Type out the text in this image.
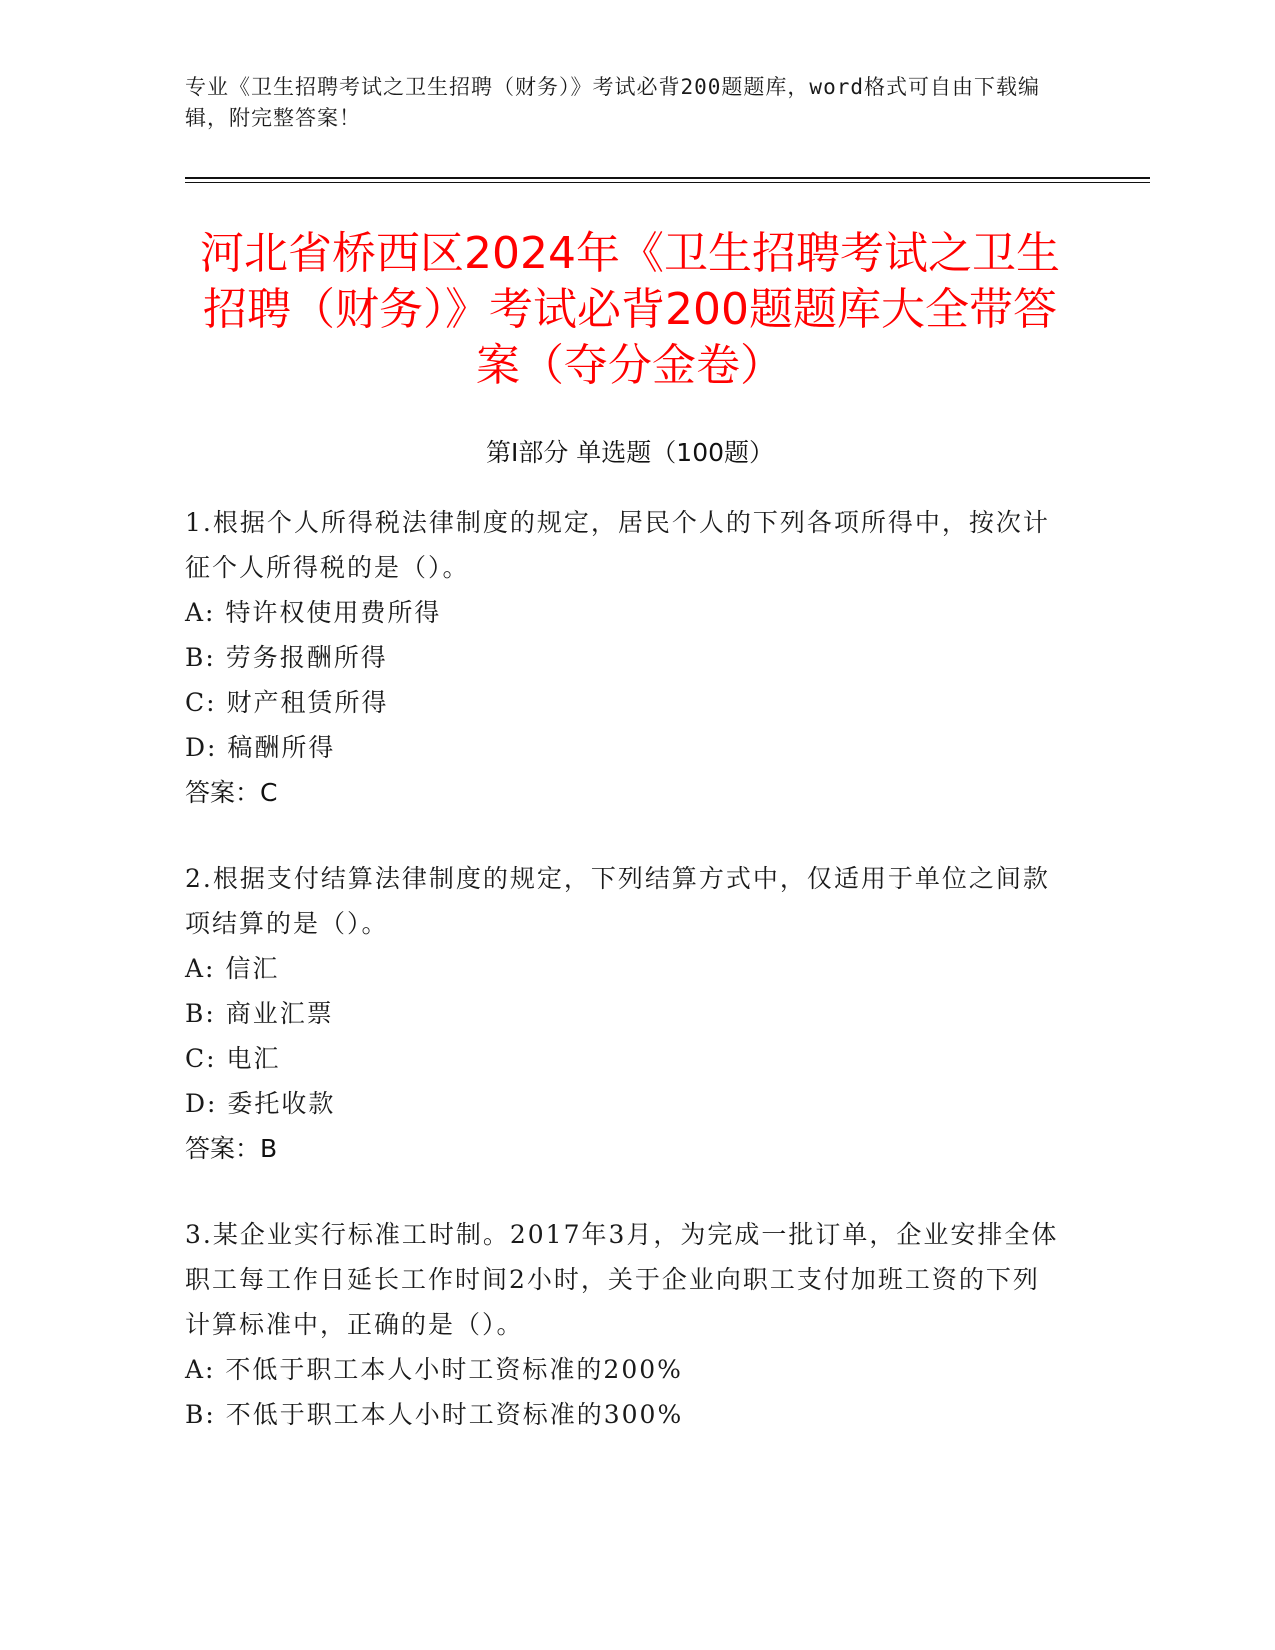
专业《卫生招聘考试之卫生招聘（财务）》考试必背200题题库，word格式可自由下载编辑，附完整答案！
河北省桥西区2024年《卫生招聘考试之卫生招聘（财务）》考试必背200题题库大全带答案（夺分金卷）
第Ⅰ部分 单选题（100题）
1.根据个人所得税法律制度的规定，居民个人的下列各项所得中，按次计征个人所得税的是（）。
A: 特许权使用费所得
B: 劳务报酬所得
C: 财产租赁所得
D: 稿酬所得
答案：C
2.根据支付结算法律制度的规定，下列结算方式中，仅适用于单位之间款项结算的是（）。
A: 信汇
B: 商业汇票
C: 电汇
D: 委托收款
答案：B
3.某企业实行标准工时制。2017年3月，为完成一批订单，企业安排全体职工每工作日延长工作时间2小时，关于企业向职工支付加班工资的下列计算标准中，正确的是（）。
A: 不低于职工本人小时工资标准的200%
B: 不低于职工本人小时工资标准的300%
